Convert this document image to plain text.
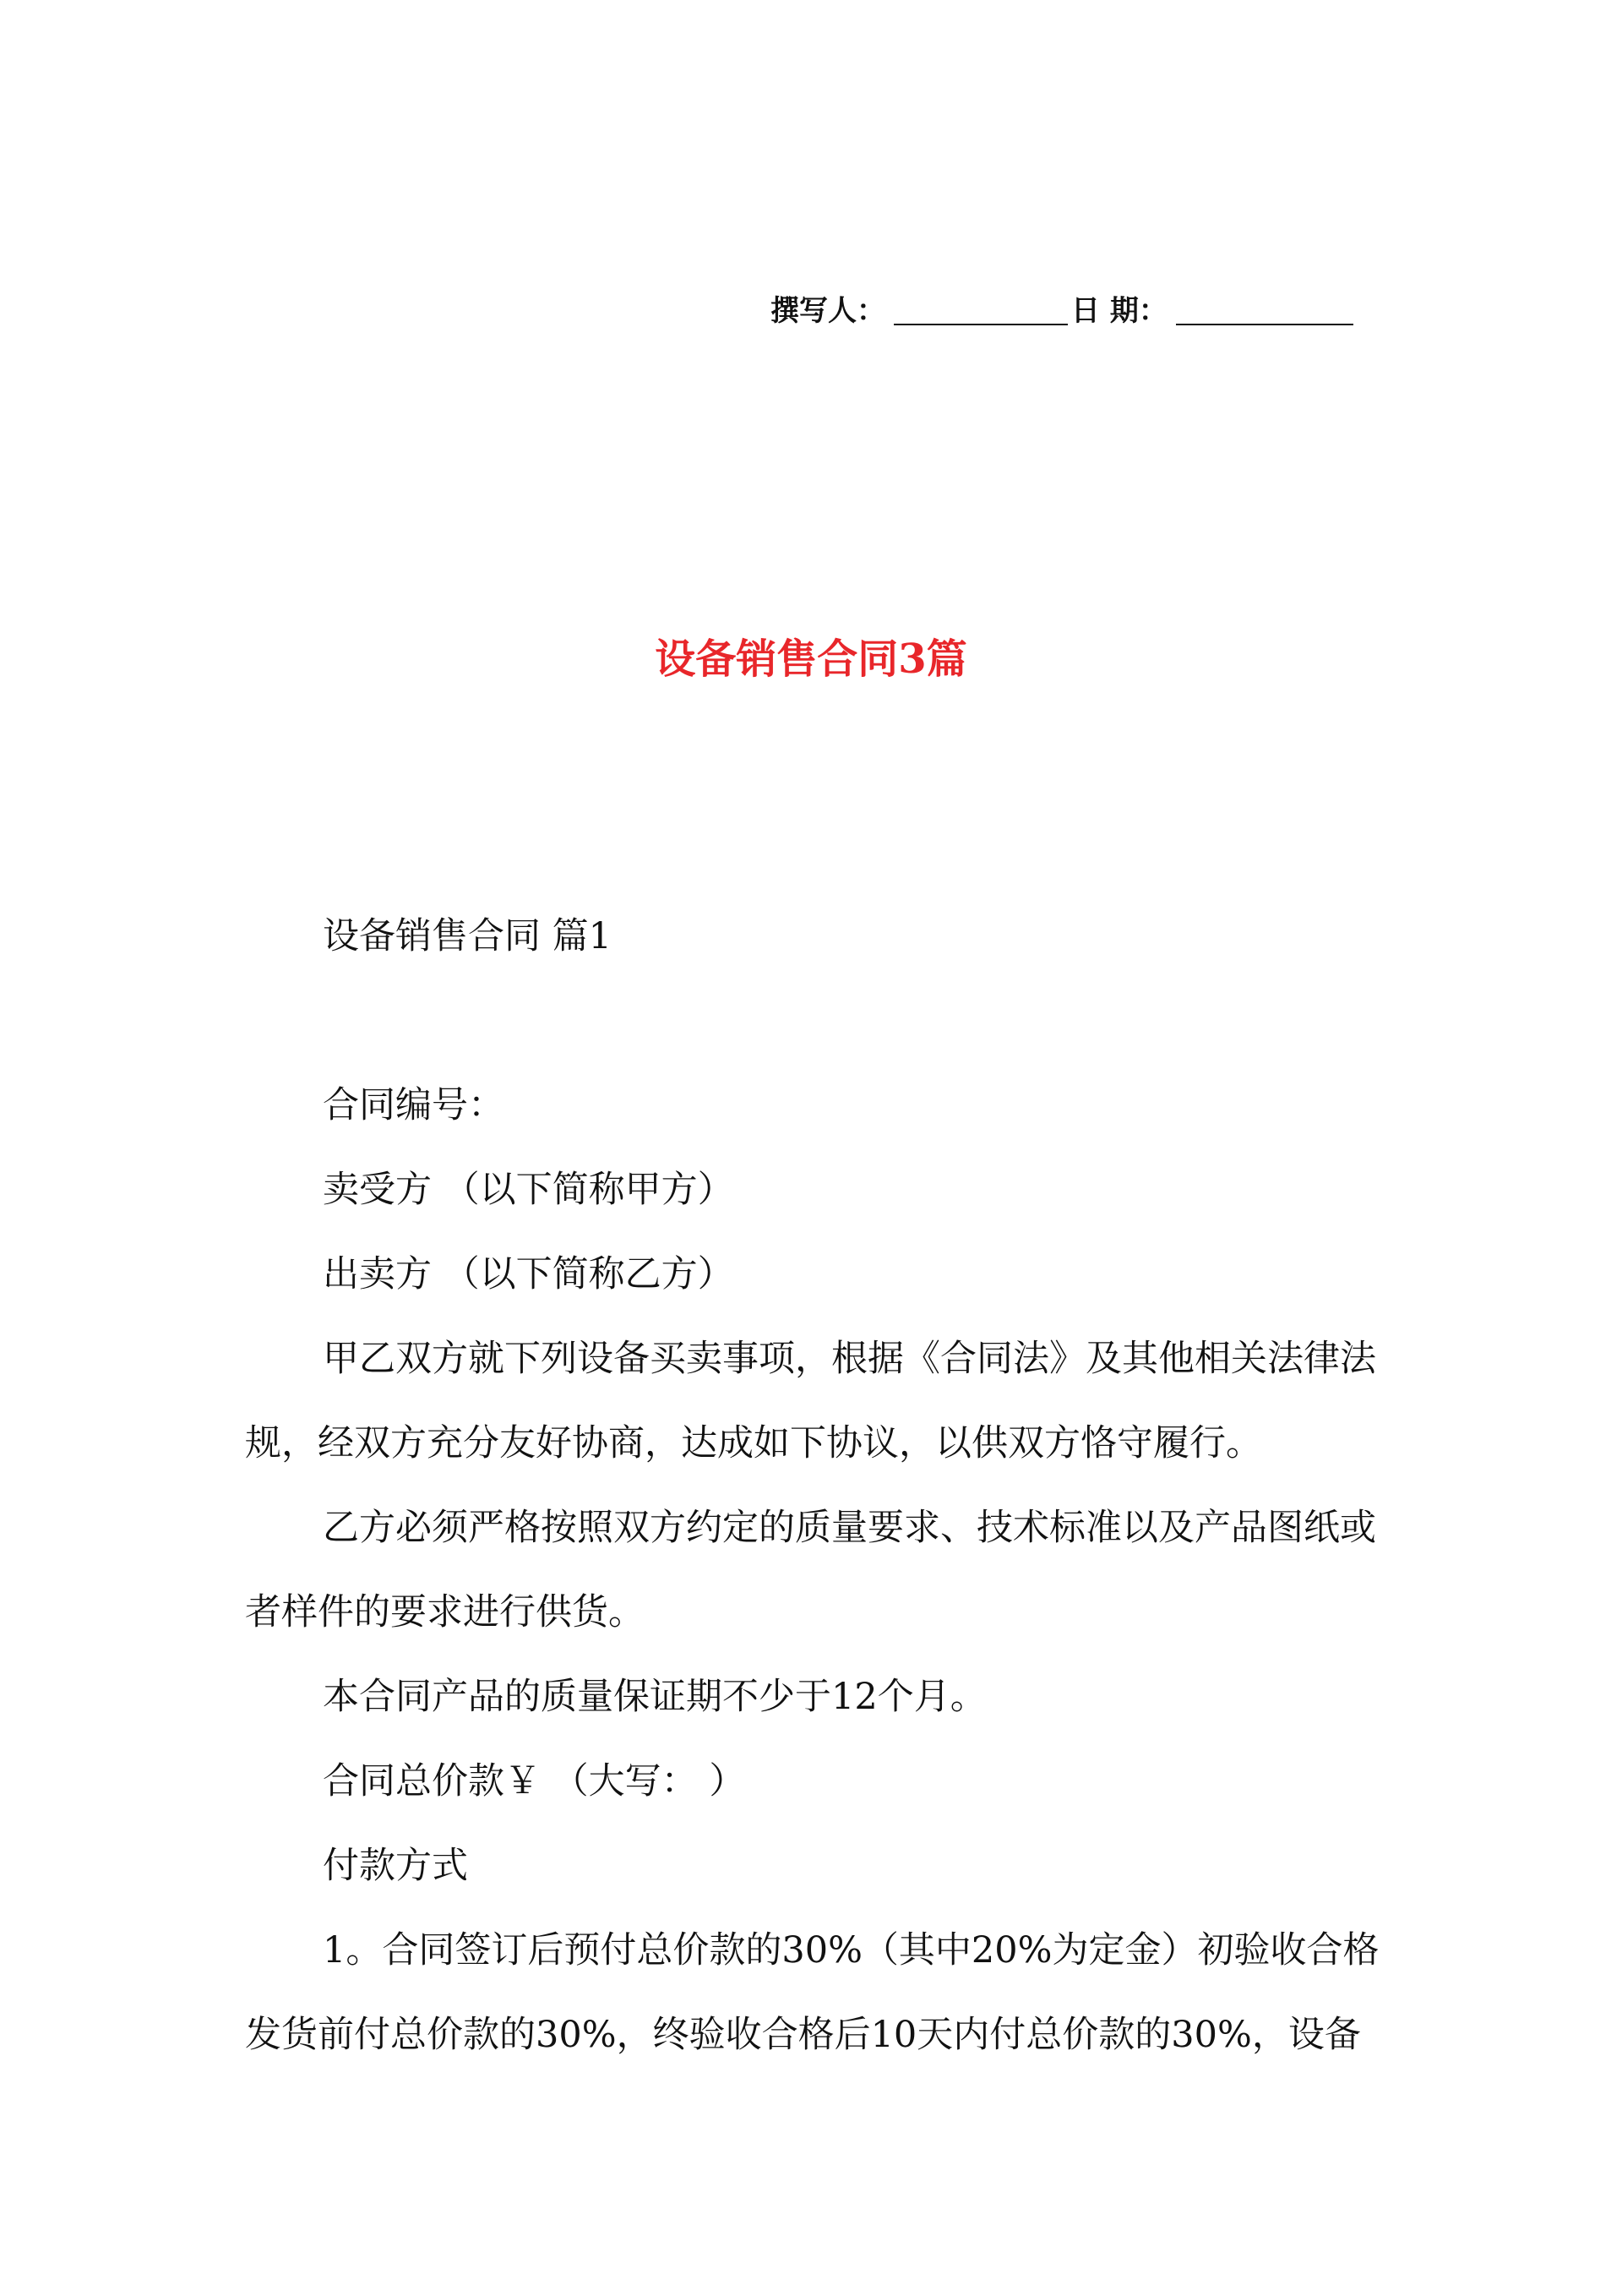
撰写人：	日 期：
设备销售合同3篇

设备销售合同 篇1

合同编号：

卖受方 （以下简称甲方）

出卖方 （以下简称乙方）

甲乙双方就下列设备买卖事项，根据《合同法》及其他相关法律法规，经双方充分友好协商，达成如下协议，以供双方恪守履行。

乙方必须严格按照双方约定的质量要求、技术标准以及产品图纸或者样件的要求进行供货。

本合同产品的质量保证期不少于12个月。

合同总价款￥ （大写： ）

付款方式

1。合同签订后预付总价款的30%（其中20%为定金）初验收合格发货前付总价款的30%，终验收合格后10天内付总价款的30%，设备
